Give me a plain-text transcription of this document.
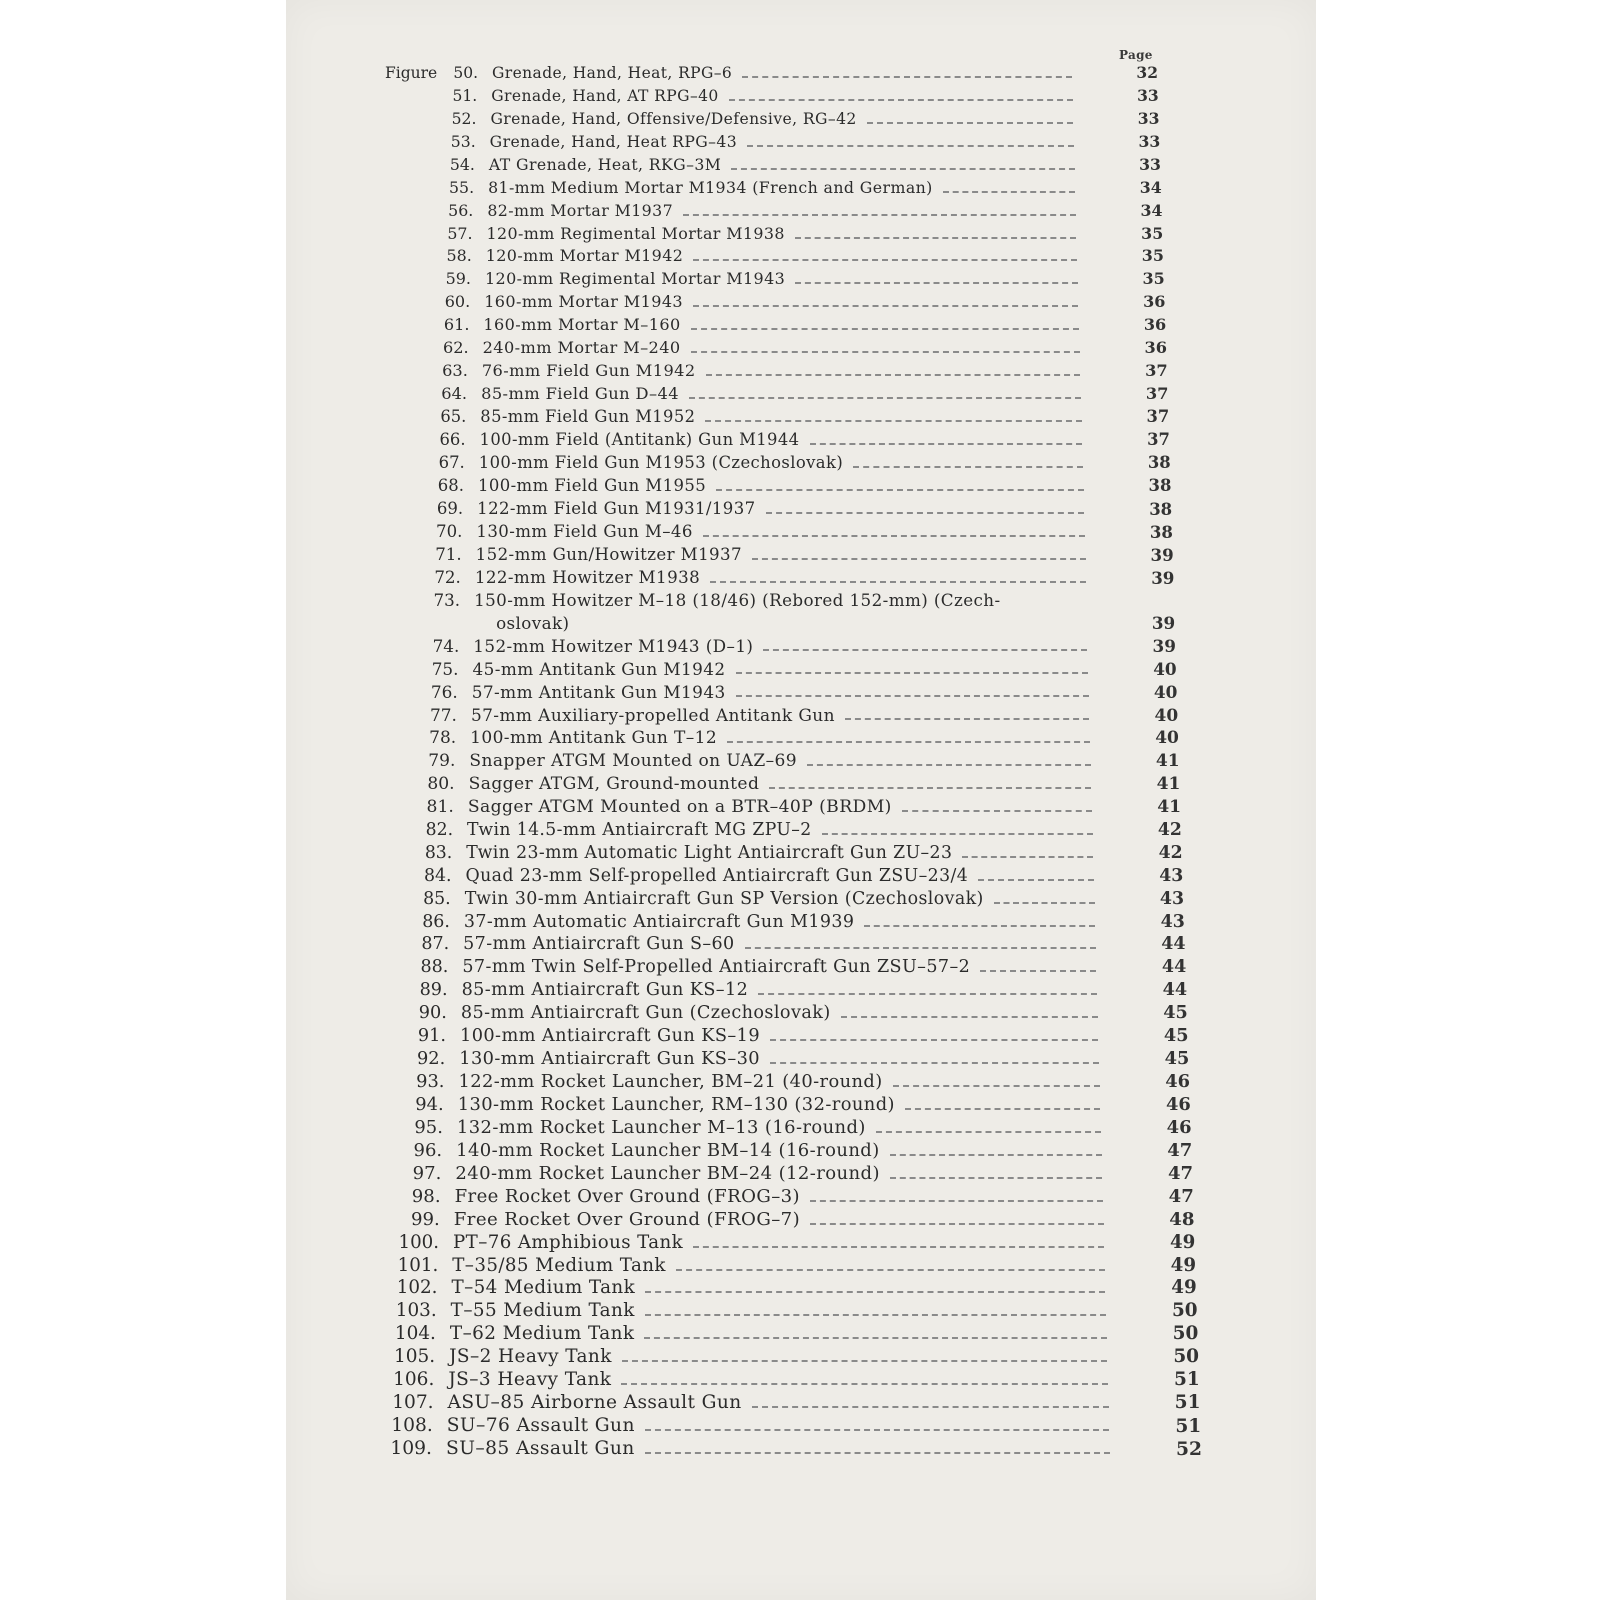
Page
Figure 50. Grenade, Hand, Heat, RPG–6	32
51. Grenade, Hand, AT RPG–40	33
52. Grenade, Hand, Offensive/Defensive, RG–42	33
53. Grenade, Hand, Heat RPG–43	33
54. AT Grenade, Heat, RKG–3M	33
55. 81-mm Medium Mortar M1934 (French and German)	34
56. 82-mm Mortar M1937	34
57. 120-mm Regimental Mortar M1938	35
58. 120-mm Mortar M1942	35
59. 120-mm Regimental Mortar M1943	35
60. 160-mm Mortar M1943	36
61. 160-mm Mortar M–160	36
62. 240-mm Mortar M–240	36
63. 76-mm Field Gun M1942	37
64. 85-mm Field Gun D–44	37
65. 85-mm Field Gun M1952	37
66. 100-mm Field (Antitank) Gun M1944	37
67. 100-mm Field Gun M1953 (Czechoslovak)	38
68. 100-mm Field Gun M1955	38
69. 122-mm Field Gun M1931/1937	38
70. 130-mm Field Gun M–46	38
71. 152-mm Gun/Howitzer M1937	39
72. 122-mm Howitzer M1938	39
73. 150-mm Howitzer M–18 (18/46) (Rebored 152-mm) (Czech-
oslovak)	39
74. 152-mm Howitzer M1943 (D–1)	39
75. 45-mm Antitank Gun M1942	40
76. 57-mm Antitank Gun M1943	40
77. 57-mm Auxiliary-propelled Antitank Gun	40
78. 100-mm Antitank Gun T–12	40
79. Snapper ATGM Mounted on UAZ–69	41
80. Sagger ATGM, Ground-mounted	41
81. Sagger ATGM Mounted on a BTR–40P (BRDM)	41
82. Twin 14.5-mm Antiaircraft MG ZPU–2	42
83. Twin 23-mm Automatic Light Antiaircraft Gun ZU–23	42
84. Quad 23-mm Self-propelled Antiaircraft Gun ZSU–23/4	43
85. Twin 30-mm Antiaircraft Gun SP Version (Czechoslovak)	43
86. 37-mm Automatic Antiaircraft Gun M1939	43
87. 57-mm Antiaircraft Gun S–60	44
88. 57-mm Twin Self-Propelled Antiaircraft Gun ZSU–57–2	44
89. 85-mm Antiaircraft Gun KS–12	44
90. 85-mm Antiaircraft Gun (Czechoslovak)	45
91. 100-mm Antiaircraft Gun KS–19	45
92. 130-mm Antiaircraft Gun KS–30	45
93. 122-mm Rocket Launcher, BM–21 (40-round)	46
94. 130-mm Rocket Launcher, RM–130 (32-round)	46
95. 132-mm Rocket Launcher M–13 (16-round)	46
96. 140-mm Rocket Launcher BM–14 (16-round)	47
97. 240-mm Rocket Launcher BM–24 (12-round)	47
98. Free Rocket Over Ground (FROG–3)	47
99. Free Rocket Over Ground (FROG–7)	48
100. PT–76 Amphibious Tank	49
101. T–35/85 Medium Tank	49
102. T–54 Medium Tank	49
103. T–55 Medium Tank	50
104. T–62 Medium Tank	50
105. JS–2 Heavy Tank	50
106. JS–3 Heavy Tank	51
107. ASU–85 Airborne Assault Gun	51
108. SU–76 Assault Gun	51
109. SU–85 Assault Gun	52
